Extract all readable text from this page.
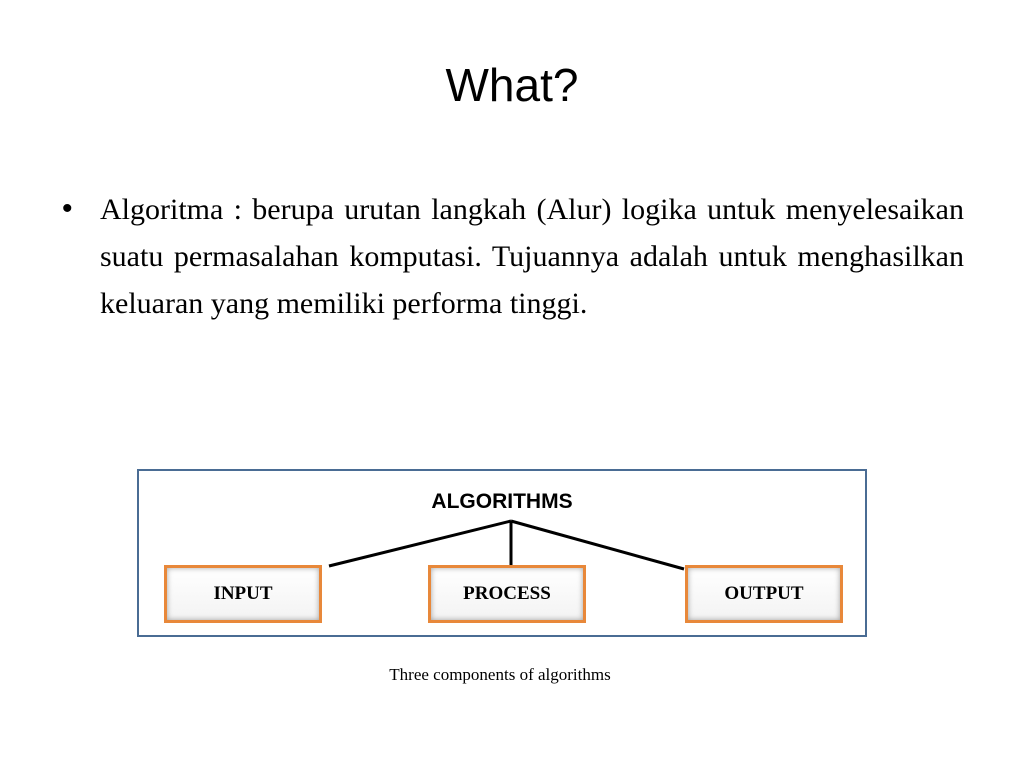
What?
• Algoritma : berupa urutan langkah (Alur) logika untuk menyelesaikan suatu permasalahan komputasi. Tujuannya adalah untuk menghasilkan keluaran yang memiliki performa tinggi.
ALGORITHMS
INPUT	PROCESS	OUTPUT
Three components of algorithms
